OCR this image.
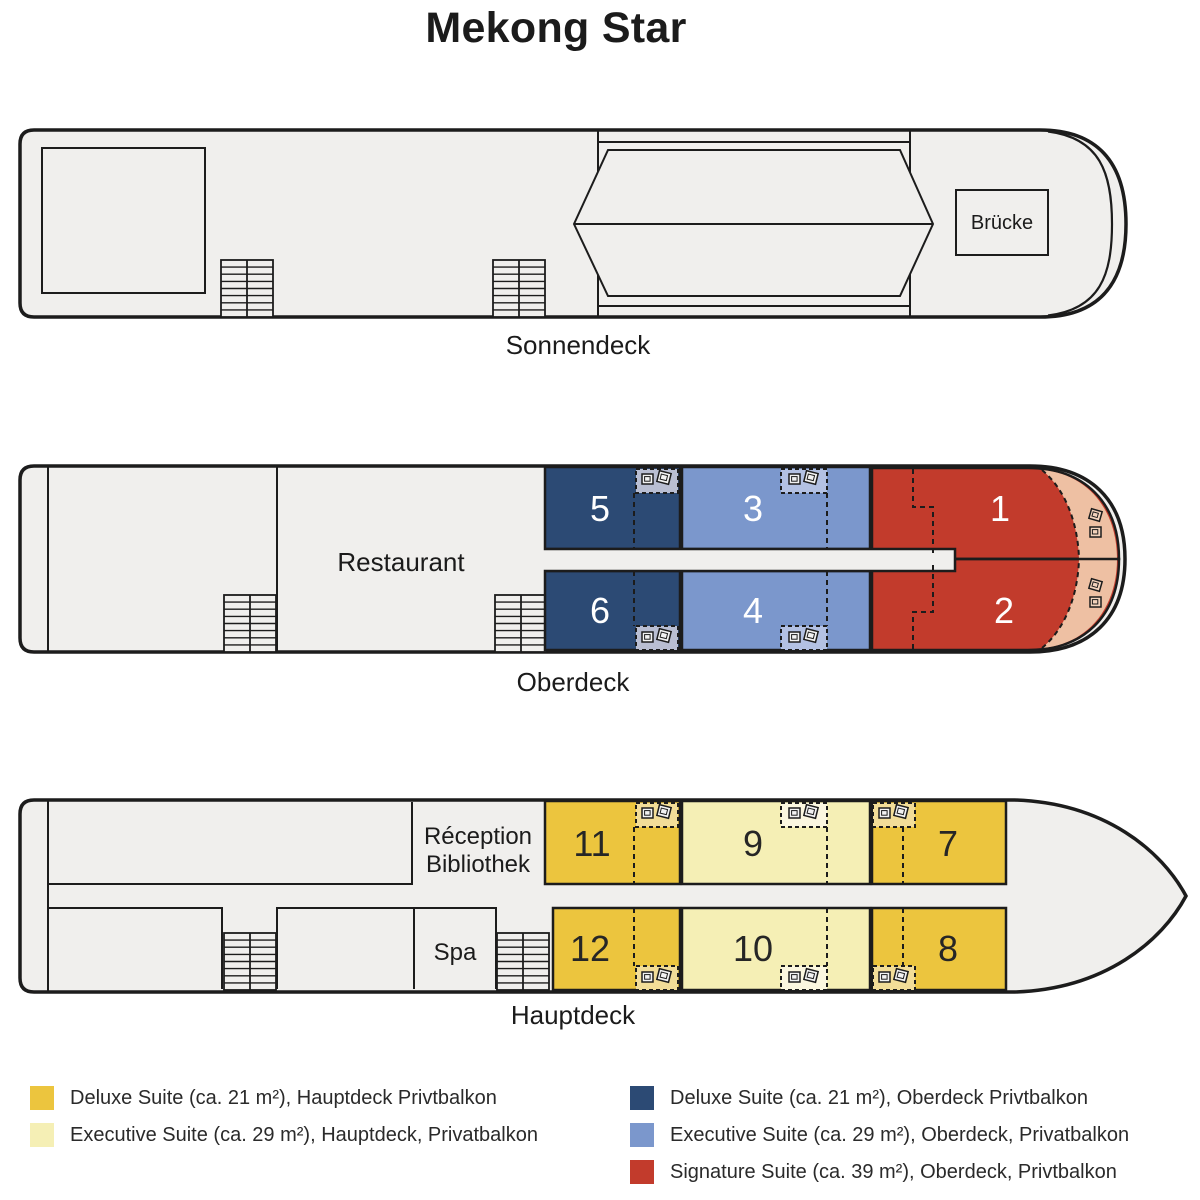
Mekong Star
Brücke
Sonnendeck
Restaurant
5	3	1
6	4	2
Oberdeck
Réception
Bibliothek
Spa
11	9	7
12	10	8
Hauptdeck
Deluxe Suite (ca. 21 m²), Hauptdeck Privtbalkon
Executive Suite (ca. 29 m²), Hauptdeck, Privatbalkon
Deluxe Suite (ca. 21 m²), Oberdeck Privtbalkon
Executive Suite (ca. 29 m²), Oberdeck, Privatbalkon
Signature Suite (ca. 39 m²), Oberdeck, Privtbalkon
